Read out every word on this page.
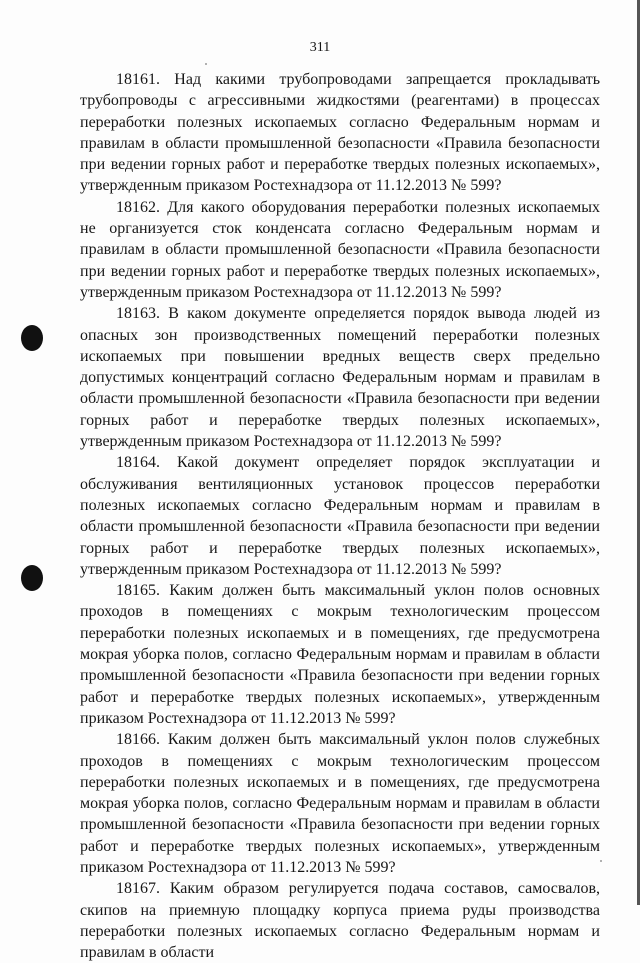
311

18161. Над какими трубопроводами запрещается прокладывать трубопроводы с агрессивными жидкостями (реагентами) в процессах переработки полезных ископаемых согласно Федеральным нормам и правилам в области промышленной безопасности «Правила безопасности при ведении горных работ и переработке твердых полезных ископаемых», утвержденным приказом Ростехнадзора от 11.12.2013 № 599?

18162. Для какого оборудования переработки полезных ископаемых не организуется сток конденсата согласно Федеральным нормам и правилам в области промышленной безопасности «Правила безопасности при ведении горных работ и переработке твердых полезных ископаемых», утвержденным приказом Ростехнадзора от 11.12.2013 № 599?

18163. В каком документе определяется порядок вывода людей из опасных зон производственных помещений переработки полезных ископаемых при повышении вредных веществ сверх предельно допустимых концентраций согласно Федеральным нормам и правилам в области промышленной безопасности «Правила безопасности при ведении горных работ и переработке твердых полезных ископаемых», утвержденным приказом Ростехнадзора от 11.12.2013 № 599?

18164. Какой документ определяет порядок эксплуатации и обслуживания вентиляционных установок процессов переработки полезных ископаемых согласно Федеральным нормам и правилам в области промышленной безопасности «Правила безопасности при ведении горных работ и переработке твердых полезных ископаемых», утвержденным приказом Ростехнадзора от 11.12.2013 № 599?

18165. Каким должен быть максимальный уклон полов основных проходов в помещениях с мокрым технологическим процессом переработки полезных ископаемых и в помещениях, где предусмотрена мокрая уборка полов, согласно Федеральным нормам и правилам в области промышленной безопасности «Правила безопасности при ведении горных работ и переработке твердых полезных ископаемых», утвержденным приказом Ростехнадзора от 11.12.2013 № 599?

18166. Каким должен быть максимальный уклон полов служебных проходов в помещениях с мокрым технологическим процессом переработки полезных ископаемых и в помещениях, где предусмотрена мокрая уборка полов, согласно Федеральным нормам и правилам в области промышленной безопасности «Правила безопасности при ведении горных работ и переработке твердых полезных ископаемых», утвержденным приказом Ростехнадзора от 11.12.2013 № 599?

18167. Каким образом регулируется подача составов, самосвалов, скипов на приемную площадку корпуса приема руды производства переработки полезных ископаемых согласно Федеральным нормам и правилам в области
